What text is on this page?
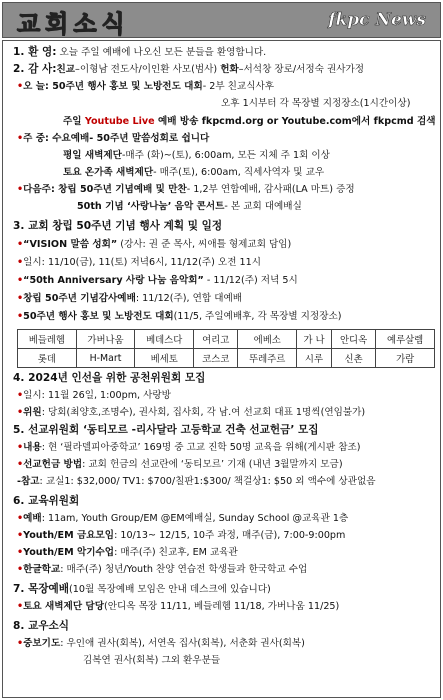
교회소식	fkpc News
1. 환 영: 오늘 주일 예배에 나오신 모든 분들을 환영합니다.
2. 감 사:친교–이형남 전도사/이인환 사모(범사) 헌화–서석창 장로/서정숙 권사가정
•오 늘: 50주년 행사 홍보 및 노방전도 대회- 2부 친교식사후
오후 1시부터 각 목장별 지정장소(1시간이상)
주일 Youtube Live 예배 방송 fkpcmd.org or Youtube.com에서 fkpcmd 검색
•주 중: 수요예배- 50주년 말씀성회로 쉽니다
평일 새벽제단-매주 (화)~(토), 6:00am, 모든 지체 주 1회 이상
토요 온가족 새벽제단- 매주(토), 6:00am, 직세사역자 및 교우
•다음주: 창립 50주년 기념예배 및 만찬- 1,2부 연합예배, 감사패(LA 마트) 증정
50th 기념 ‘사랑나눔’ 음악 콘서트- 본 교회 대예배실
3. 교회 창립 50주년 기념 행사 계획 및 일정
•“VISION 말씀 성회” (강사: 권 준 목사, 씨애틀 형제교회 담임)
•일시: 11/10(금), 11(토) 저녁6시, 11/12(주) 오전 11시
•“50th Anniversary 사랑 나눔 음악회” - 11/12(주) 저녁 5시
•창립 50주년 기념감사예배: 11/12(주), 연합 대예배
•50주년 행사 홍보 및 노방전도 대회(11/5, 주일예배후, 각 목장별 지정장소)
베들레헴	가버나움	베데스다	여리고	에베소	가 나	안디옥	예루살렘
롯데	H-Mart	베세토	코스코	뚜레주르	시루	신촌	가람
4. 2024년 인선을 위한 공천위원회 모집
•일시: 11월 26일, 1:00pm, 사랑방
•위원: 당회(최양호,조명수), 권사회, 집사회, 각 남.여 선교회 대표 1명씩(연임불가)
5. 선교위원회 ‘동티모르 -리사달라 고등학교 건축 선교헌금’ 모집
•내용: 현 ‘필라델피아중학교’ 169명 중 고교 진학 50명 교육을 위해(게시판 참조)
•선교헌금 방법: 교회 헌금의 선교란에 ‘동티모르’ 기재 (내년 3월말까지 모금)
-참고: 교실1: $32,000/ TV1: $700/칠판1:$300/ 책걸상1: $50 외 액수에 상관없음
6. 교육위원회
•예배: 11am, Youth Group/EM @EM예배실, Sunday School @교육관 1층
•Youth/EM 금요모임: 10/13~ 12/15, 10주 과정, 매주(금), 7:00-9:00pm
•Youth/EM 악기수업: 매주(주) 친교후, EM 교육관
•한글학교: 매주(주) 청년/Youth 찬양 연습전 학생들과 한국학교 수업
7. 목장예배(10월 목장예배 모임은 안내 데스크에 있습니다)
•토요 새벽제단 담당(안디옥 목장 11/11, 베들레헴 11/18, 가버나움 11/25)
8. 교우소식
•중보기도: 우인애 권사(회복), 서연옥 집사(회복), 서춘화 권사(회복)
김복연 권사(회복) 그외 환우분들
